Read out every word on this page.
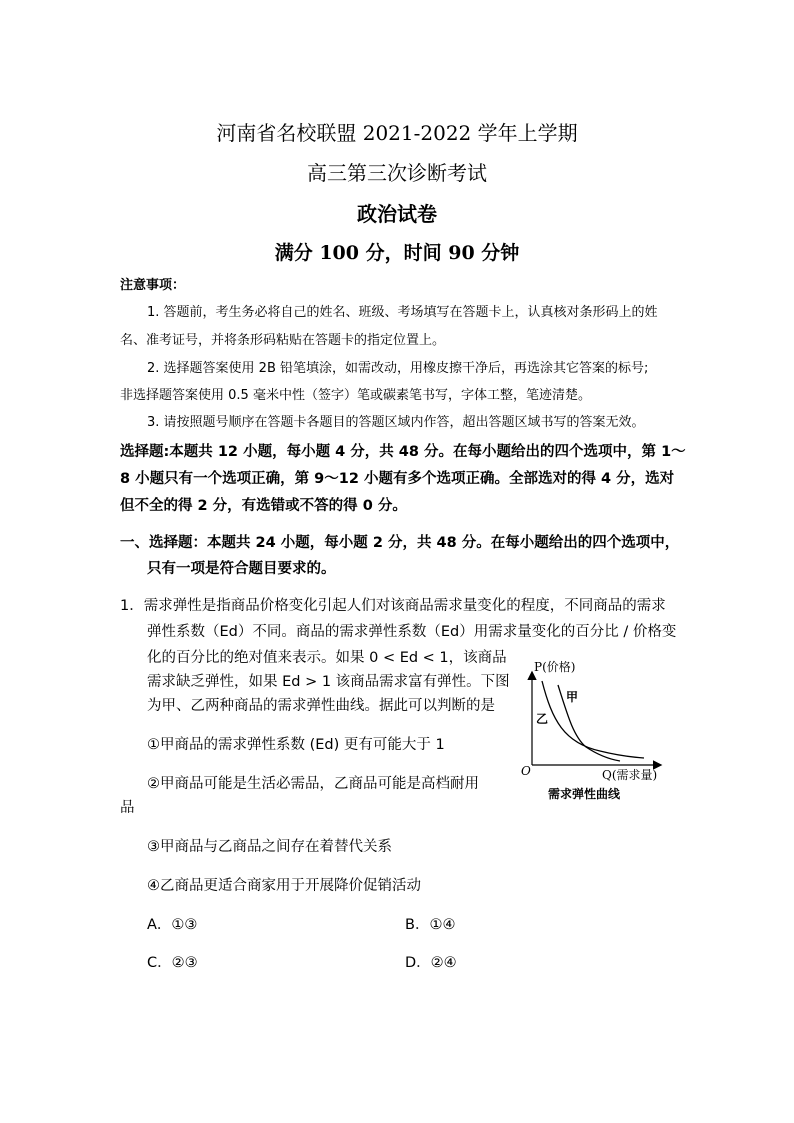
河南省名校联盟 2021-2022 学年上学期
高三第三次诊断考试
政治试卷
满分 100 分，时间 90 分钟
注意事项：
1. 答题前，考生务必将自己的姓名、班级、考场填写在答题卡上，认真核对条形码上的姓
名、准考证号，并将条形码粘贴在答题卡的指定位置上。
2. 选择题答案使用 2B 铅笔填涂，如需改动，用橡皮擦干净后，再选涂其它答案的标号;
非选择题答案使用 0.5 毫米中性（签字）笔或碳素笔书写，字体工整，笔迹清楚。
3. 请按照题号顺序在答题卡各题目的答题区域内作答，超出答题区域书写的答案无效。
选择题:本题共 12 小题，每小题 4 分，共 48 分。在每小题给出的四个选项中，第 1～
8 小题只有一个选项正确，第 9～12 小题有多个选项正确。全部选对的得 4 分，选对
但不全的得 2 分，有选错或不答的得 0 分。
一、选择题：本题共 24 小题，每小题 2 分，共 48 分。在每小题给出的四个选项中，
只有一项是符合题目要求的。
1．需求弹性是指商品价格变化引起人们对该商品需求量变化的程度，不同商品的需求
弹性系数（Ed）不同。商品的需求弹性系数（Ed）用需求量变化的百分比 / 价格变
化的百分比的绝对值来表示。如果 0 < Ed < 1，该商品
需求缺乏弹性，如果 Ed > 1 该商品需求富有弹性。下图
为甲、乙两种商品的需求弹性曲线。据此可以判断的是
①甲商品的需求弹性系数 (Ed) 更有可能大于 1
②甲商品可能是生活必需品，乙商品可能是高档耐用
品
③甲商品与乙商品之间存在着替代关系
④乙商品更适合商家用于开展降价促销活动
A．①③	B．①④
C．②③	D．②④
P(价格)
甲
乙
O	Q(需求量)
需求弹性曲线
